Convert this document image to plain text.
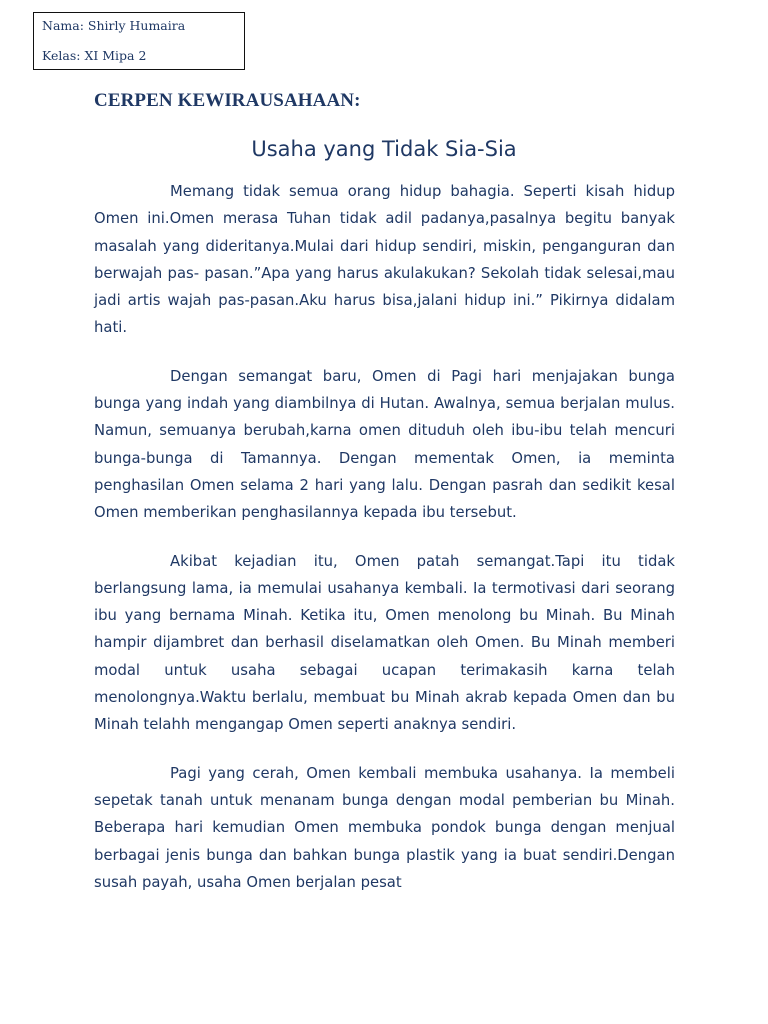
Nama: Shirly Humaira
Kelas: XI Mipa 2
CERPEN KEWIRAUSAHAAN:
Usaha yang Tidak Sia-Sia

Memang tidak semua orang hidup bahagia. Seperti kisah hidup Omen ini.Omen merasa Tuhan tidak adil padanya,pasalnya begitu banyak masalah yang dideritanya.Mulai dari hidup sendiri, miskin, penganguran dan berwajah pas- pasan.”Apa yang harus akulakukan? Sekolah tidak selesai,mau jadi artis wajah pas-pasan.Aku harus bisa,jalani hidup ini.” Pikirnya didalam hati.

Dengan semangat baru, Omen di Pagi hari menjajakan bunga bunga yang indah yang diambilnya di Hutan. Awalnya, semua berjalan mulus. Namun, semuanya berubah,karna omen dituduh oleh ibu-ibu telah mencuri bunga-bunga di Tamannya. Dengan mementak Omen, ia meminta penghasilan Omen selama 2 hari yang lalu. Dengan pasrah dan sedikit kesal Omen memberikan penghasilannya kepada ibu tersebut.

Akibat kejadian itu, Omen patah semangat.Tapi itu tidak berlangsung lama, ia memulai usahanya kembali. Ia termotivasi dari seorang ibu yang bernama Minah. Ketika itu, Omen menolong bu Minah. Bu Minah hampir dijambret dan berhasil diselamatkan oleh Omen. Bu Minah memberi modal untuk usaha sebagai ucapan terimakasih karna telah menolongnya.Waktu berlalu, membuat bu Minah akrab kepada Omen dan bu Minah telahh mengangap Omen seperti anaknya sendiri.

Pagi yang cerah, Omen kembali membuka usahanya. Ia membeli sepetak tanah untuk menanam bunga dengan modal pemberian bu Minah. Beberapa hari kemudian Omen membuka pondok bunga dengan menjual berbagai jenis bunga dan bahkan bunga plastik yang ia buat sendiri.Dengan susah payah, usaha Omen berjalan pesat
